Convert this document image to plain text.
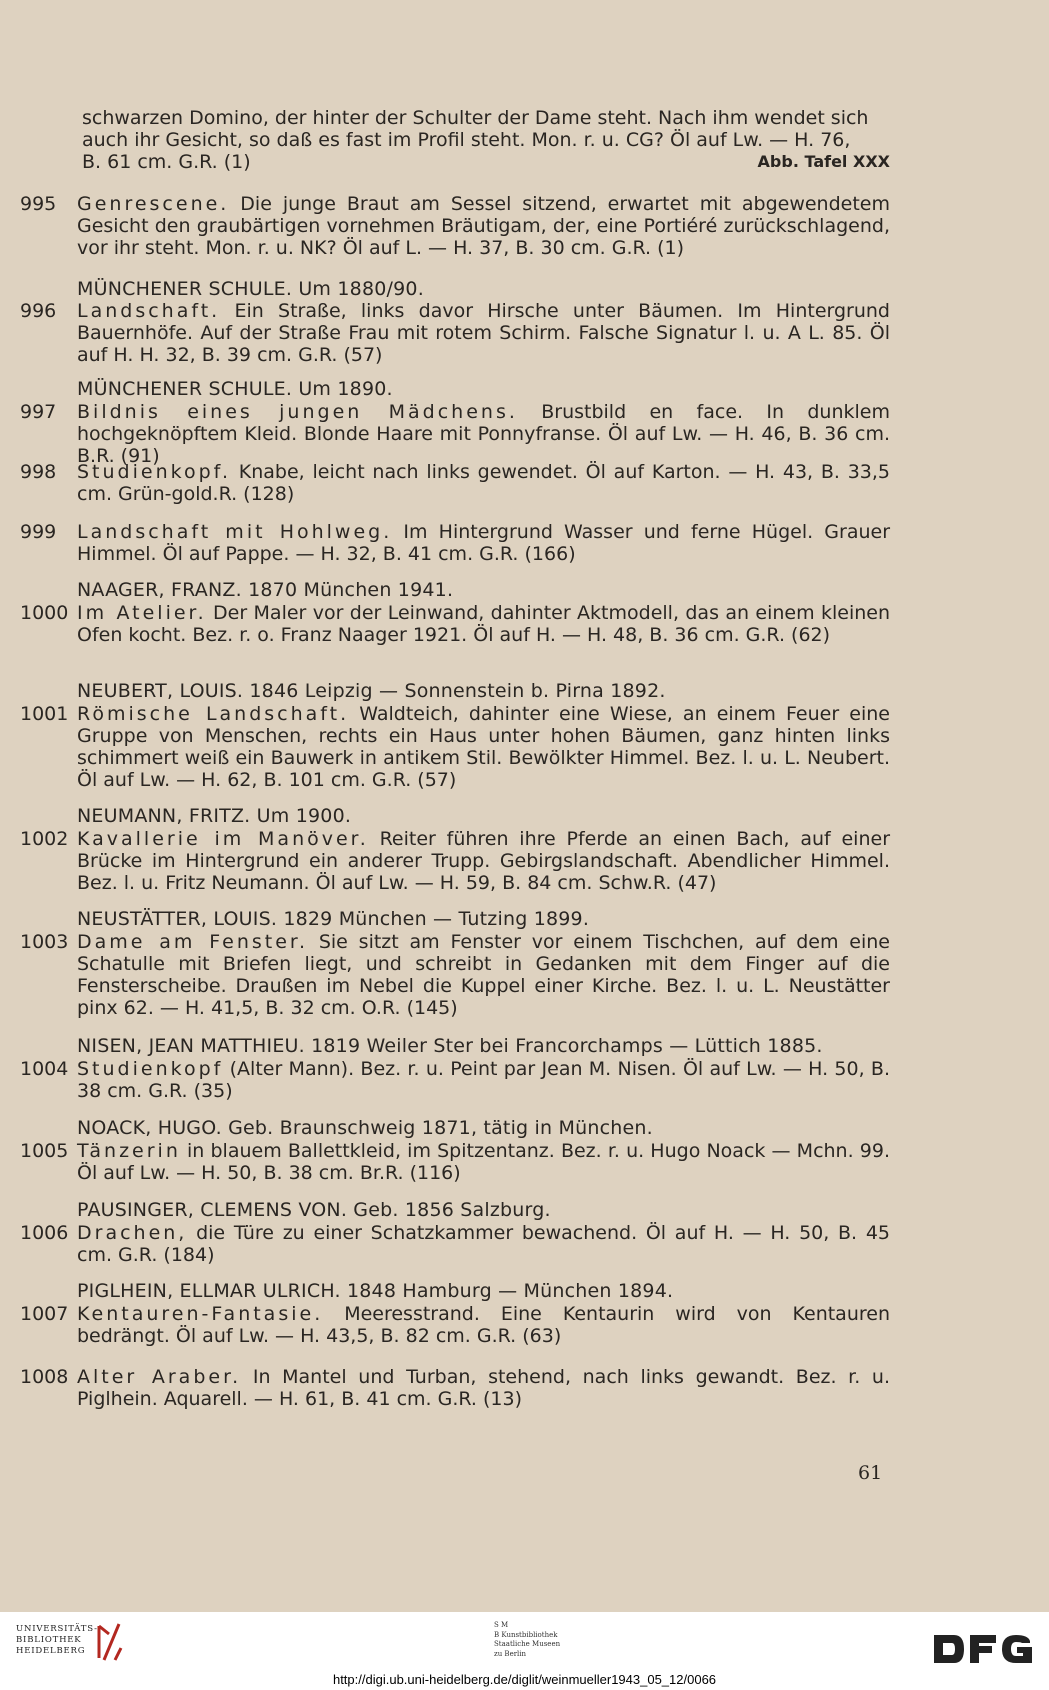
schwarzen Domino, der hinter der Schulter der Dame steht. Nach ihm wendet sich

auch ihr Gesicht, so daß es fast im Profil steht. Mon. r. u. CG? Öl auf Lw. — H. 76,

B. 61 cm. G.R. (1)	Abb. Tafel XXX
995	Genrescene. Die junge Braut am Sessel sitzend, erwartet mit abgewendetem Gesicht den graubärtigen vornehmen Bräutigam, der, eine Portiéré zurückschlagend, vor ihr steht. Mon. r. u. NK? Öl auf L. — H. 37, B. 30 cm. G.R. (1)
MÜNCHENER SCHULE. Um 1880/90.
996	Landschaft. Ein Straße, links davor Hirsche unter Bäumen. Im Hintergrund Bauernhöfe. Auf der Straße Frau mit rotem Schirm. Falsche Signatur l. u. A L. 85. Öl auf H. H. 32, B. 39 cm. G.R. (57)
MÜNCHENER SCHULE. Um 1890.
997	Bildnis eines jungen Mädchens. Brustbild en face. In dunklem hochgeknöpftem Kleid. Blonde Haare mit Ponnyfranse. Öl auf Lw. — H. 46, B. 36 cm. B.R. (91)
998	Studienkopf. Knabe, leicht nach links gewendet. Öl auf Karton. — H. 43, B. 33,5 cm. Grün-gold.R. (128)
999	Landschaft mit Hohlweg. Im Hintergrund Wasser und ferne Hügel. Grauer Himmel. Öl auf Pappe. — H. 32, B. 41 cm. G.R. (166)
NAAGER, FRANZ. 1870 München 1941.
1000 Im Atelier. Der Maler vor der Leinwand, dahinter Aktmodell, das an einem kleinen Ofen kocht. Bez. r. o. Franz Naager 1921. Öl auf H. — H. 48, B. 36 cm. G.R. (62)
NEUBERT, LOUIS. 1846 Leipzig — Sonnenstein b. Pirna 1892.
1001 Römische Landschaft. Waldteich, dahinter eine Wiese, an einem Feuer eine Gruppe von Menschen, rechts ein Haus unter hohen Bäumen, ganz hinten links schimmert weiß ein Bauwerk in antikem Stil. Bewölkter Himmel. Bez. l. u. L. Neubert. Öl auf Lw. — H. 62, B. 101 cm. G.R. (57)
NEUMANN, FRITZ. Um 1900.
1002 Kavallerie im Manöver. Reiter führen ihre Pferde an einen Bach, auf einer Brücke im Hintergrund ein anderer Trupp. Gebirgslandschaft. Abendlicher Himmel. Bez. l. u. Fritz Neumann. Öl auf Lw. — H. 59, B. 84 cm. Schw.R. (47)
NEUSTÄTTER, LOUIS. 1829 München — Tutzing 1899.
1003 Dame am Fenster. Sie sitzt am Fenster vor einem Tischchen, auf dem eine Schatulle mit Briefen liegt, und schreibt in Gedanken mit dem Finger auf die Fensterscheibe. Draußen im Nebel die Kuppel einer Kirche. Bez. l. u. L. Neustätter pinx 62. — H. 41,5, B. 32 cm. O.R. (145)
NISEN, JEAN MATTHIEU. 1819 Weiler Ster bei Francorchamps — Lüttich 1885.
1004 Studienkopf (Alter Mann). Bez. r. u. Peint par Jean M. Nisen. Öl auf Lw. — H. 50, B. 38 cm. G.R. (35)
NOACK, HUGO. Geb. Braunschweig 1871, tätig in München.
1005 Tänzerin in blauem Ballettkleid, im Spitzentanz. Bez. r. u. Hugo Noack — Mchn. 99. Öl auf Lw. — H. 50, B. 38 cm. Br.R. (116)
PAUSINGER, CLEMENS VON. Geb. 1856 Salzburg.
1006 Drachen, die Türe zu einer Schatzkammer bewachend. Öl auf H. — H. 50, B. 45 cm. G.R. (184)
PIGLHEIN, ELLMAR ULRICH. 1848 Hamburg — München 1894.
1007 Kentauren-Fantasie. Meeresstrand. Eine Kentaurin wird von Kentauren bedrängt. Öl auf Lw. — H. 43,5, B. 82 cm. G.R. (63)
1008 Alter Araber. In Mantel und Turban, stehend, nach links gewandt. Bez. r. u. Piglhein. Aquarell. — H. 61, B. 41 cm. G.R. (13)
61
UNIVERSITÄTS-
BIBLIOTHEK
HEIDELBERG
S M
B Kunstbibliothek
Staatliche Museen
zu Berlin
http://digi.ub.uni-heidelberg.de/diglit/weinmueller1943_05_12/0066
